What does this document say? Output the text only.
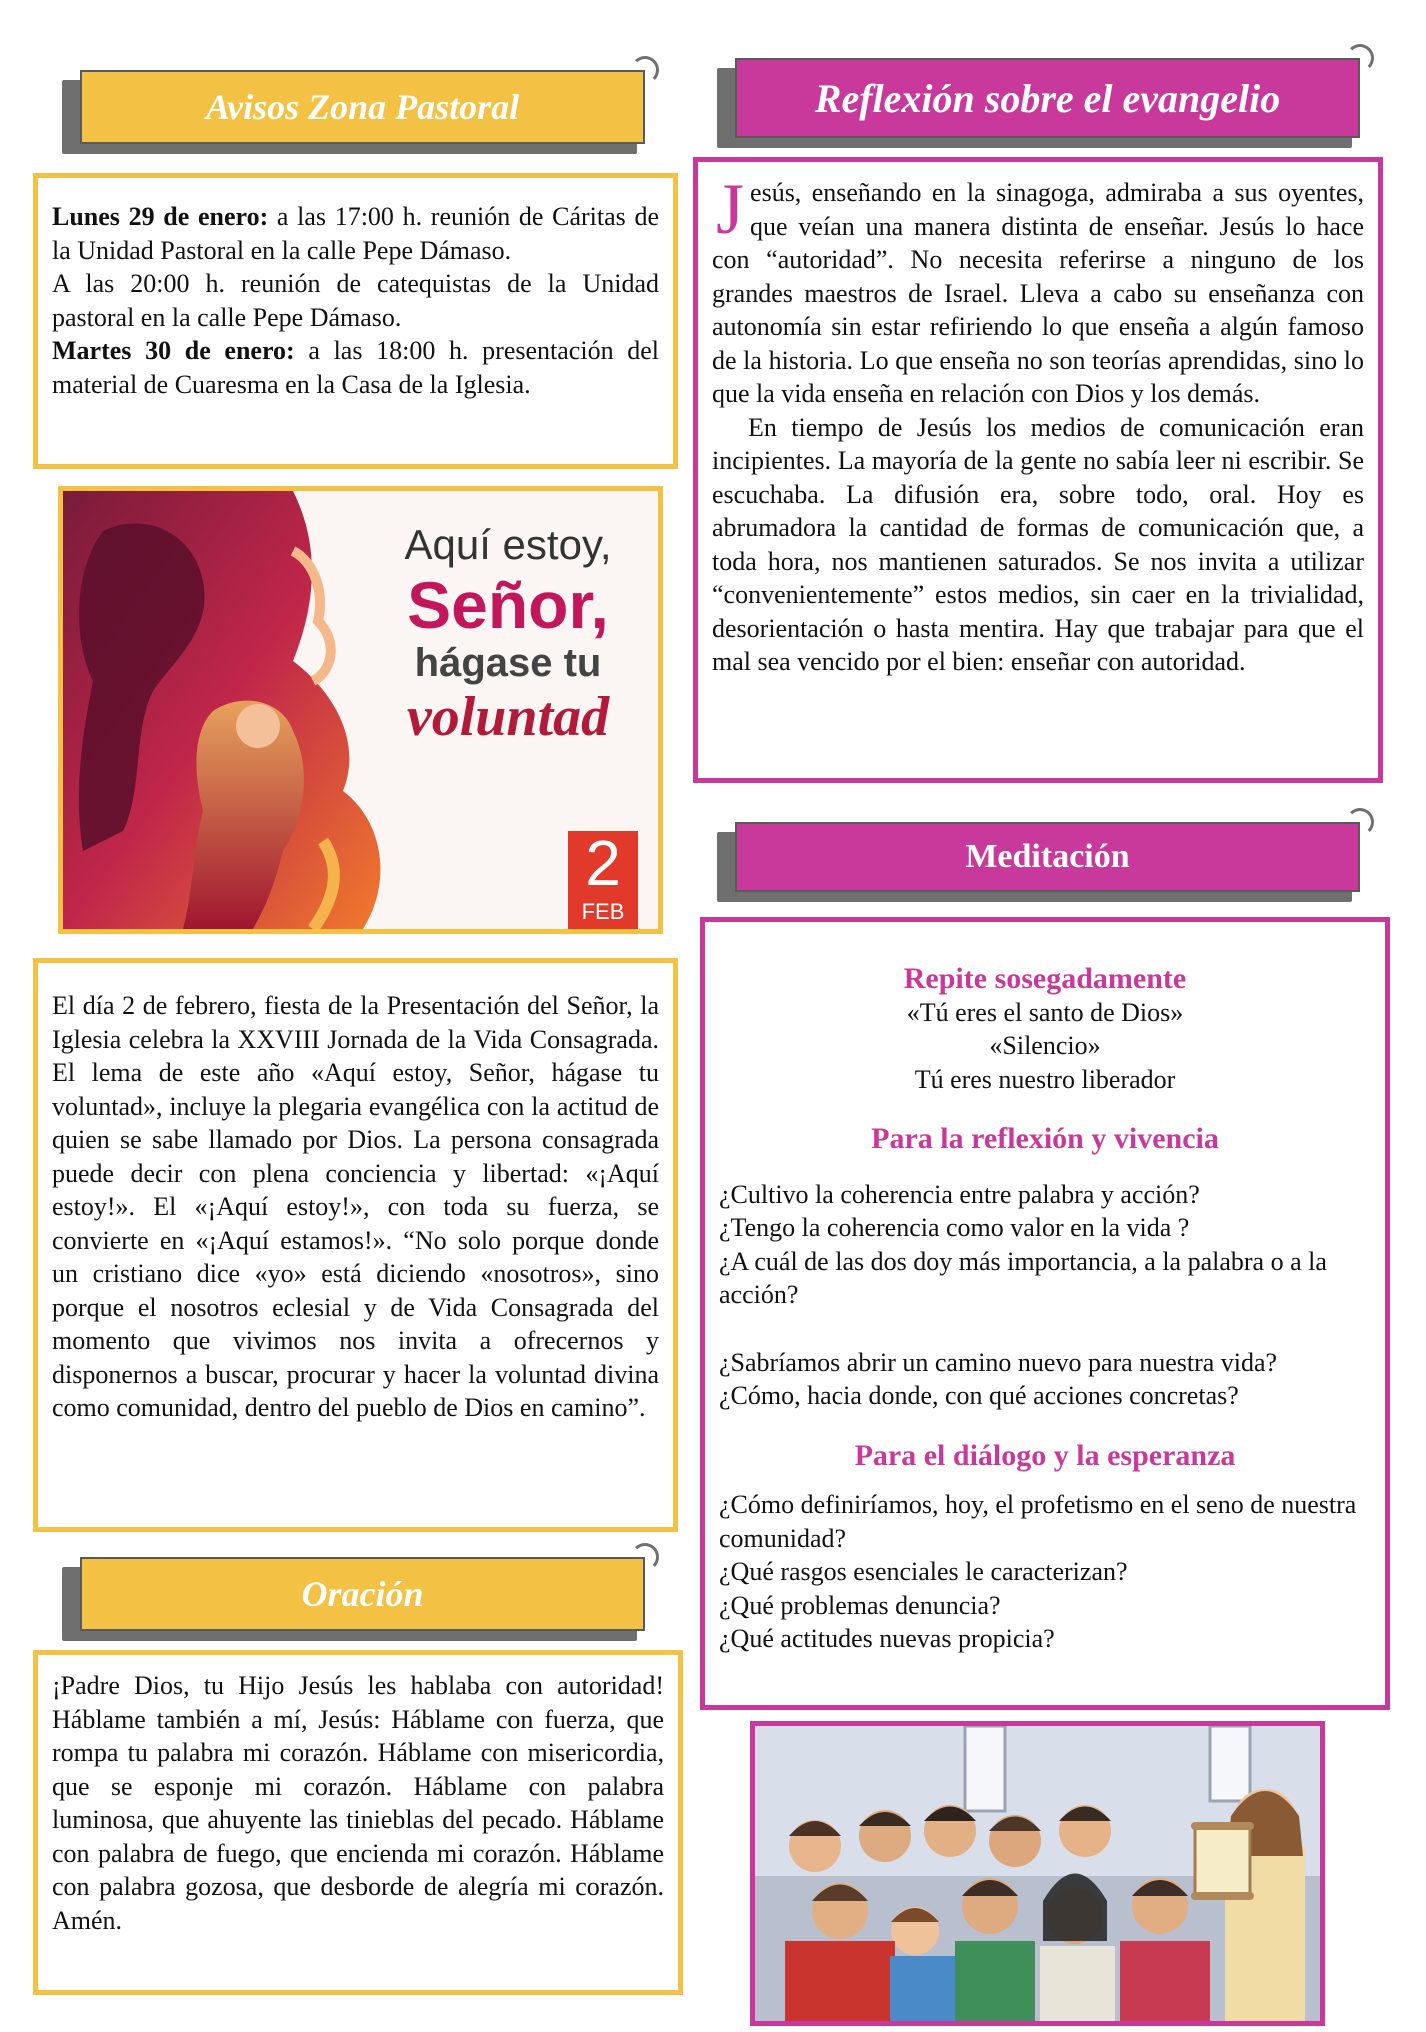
Avisos Zona Pastoral

Lunes 29 de enero: a las 17:00 h. reunión de Cáritas de la Unidad Pastoral en la calle Pepe Dámaso.

A las 20:00 h. reunión de catequistas de la Unidad pastoral en la calle Pepe Dámaso.

Martes 30 de enero: a las 18:00 h. presentación del material de Cuaresma en la Casa de la Iglesia.

Aquí estoy,
Señor,
hágase tu
voluntad
2
FEB
El día 2 de febrero, fiesta de la Presentación del Señor, la Iglesia celebra la XXVIII Jornada de la Vida Consagrada. El lema de este año «Aquí estoy, Señor, hágase tu voluntad», incluye la plegaria evangélica con la actitud de quien se sabe llamado por Dios. La persona consagrada puede decir con plena conciencia y libertad: «¡Aquí estoy!». El «¡Aquí estoy!», con toda su fuerza, se convierte en «¡Aquí estamos!». “No solo porque donde un cristiano dice «yo» está diciendo «nosotros», sino porque el nosotros eclesial y de Vida Consagrada del momento que vivimos nos invita a ofrecernos y disponernos a buscar, procurar y hacer la voluntad divina como comunidad, dentro del pueblo de Dios en camino”.
Oración
¡Padre Dios, tu Hijo Jesús les hablaba con autoridad! Háblame también a mí, Jesús: Háblame con fuerza, que rompa tu palabra mi corazón. Háblame con misericordia, que se esponje mi corazón. Háblame con palabra luminosa, que ahuyente las tinieblas del pecado. Háblame con palabra de fuego, que encienda mi corazón. Háblame con palabra gozosa, que desborde de alegría mi corazón. Amén.
Reflexión sobre el evangelio

Jesús, enseñando en la sinagoga, admiraba a sus oyentes, que veían una manera distinta de enseñar. Jesús lo hace con “autoridad”. No necesita referirse a ninguno de los grandes maestros de Israel. Lleva a cabo su enseñanza con autonomía sin estar refiriendo lo que enseña a algún famoso de la historia. Lo que enseña no son teorías aprendidas, sino lo que la vida enseña en relación con Dios y los demás.

En tiempo de Jesús los medios de comunicación eran incipientes. La mayoría de la gente no sabía leer ni escribir. Se escuchaba. La difusión era, sobre todo, oral. Hoy es abrumadora la cantidad de formas de comunicación que, a toda hora, nos mantienen saturados. Se nos invita a utilizar “convenientemente” estos medios, sin caer en la trivialidad, desorientación o hasta mentira. Hay que trabajar para que el mal sea vencido por el bien: enseñar con autoridad.

Meditación

Repite sosegadamente

«Tú eres el santo de Dios»

«Silencio»

Tú eres nuestro liberador

Para la reflexión y vivencia

¿Cultivo la coherencia entre palabra y acción?

¿Tengo la coherencia como valor en la vida ?

¿A cuál de las dos doy más importancia, a la palabra o a la acción?

¿Sabríamos abrir un camino nuevo para nuestra vida?

¿Cómo, hacia donde, con qué acciones concretas?

Para el diálogo y la esperanza

¿Cómo definiríamos, hoy, el profetismo en el seno de nuestra comunidad?

¿Qué rasgos esenciales le caracterizan?

¿Qué problemas denuncia?

¿Qué actitudes nuevas propicia?
